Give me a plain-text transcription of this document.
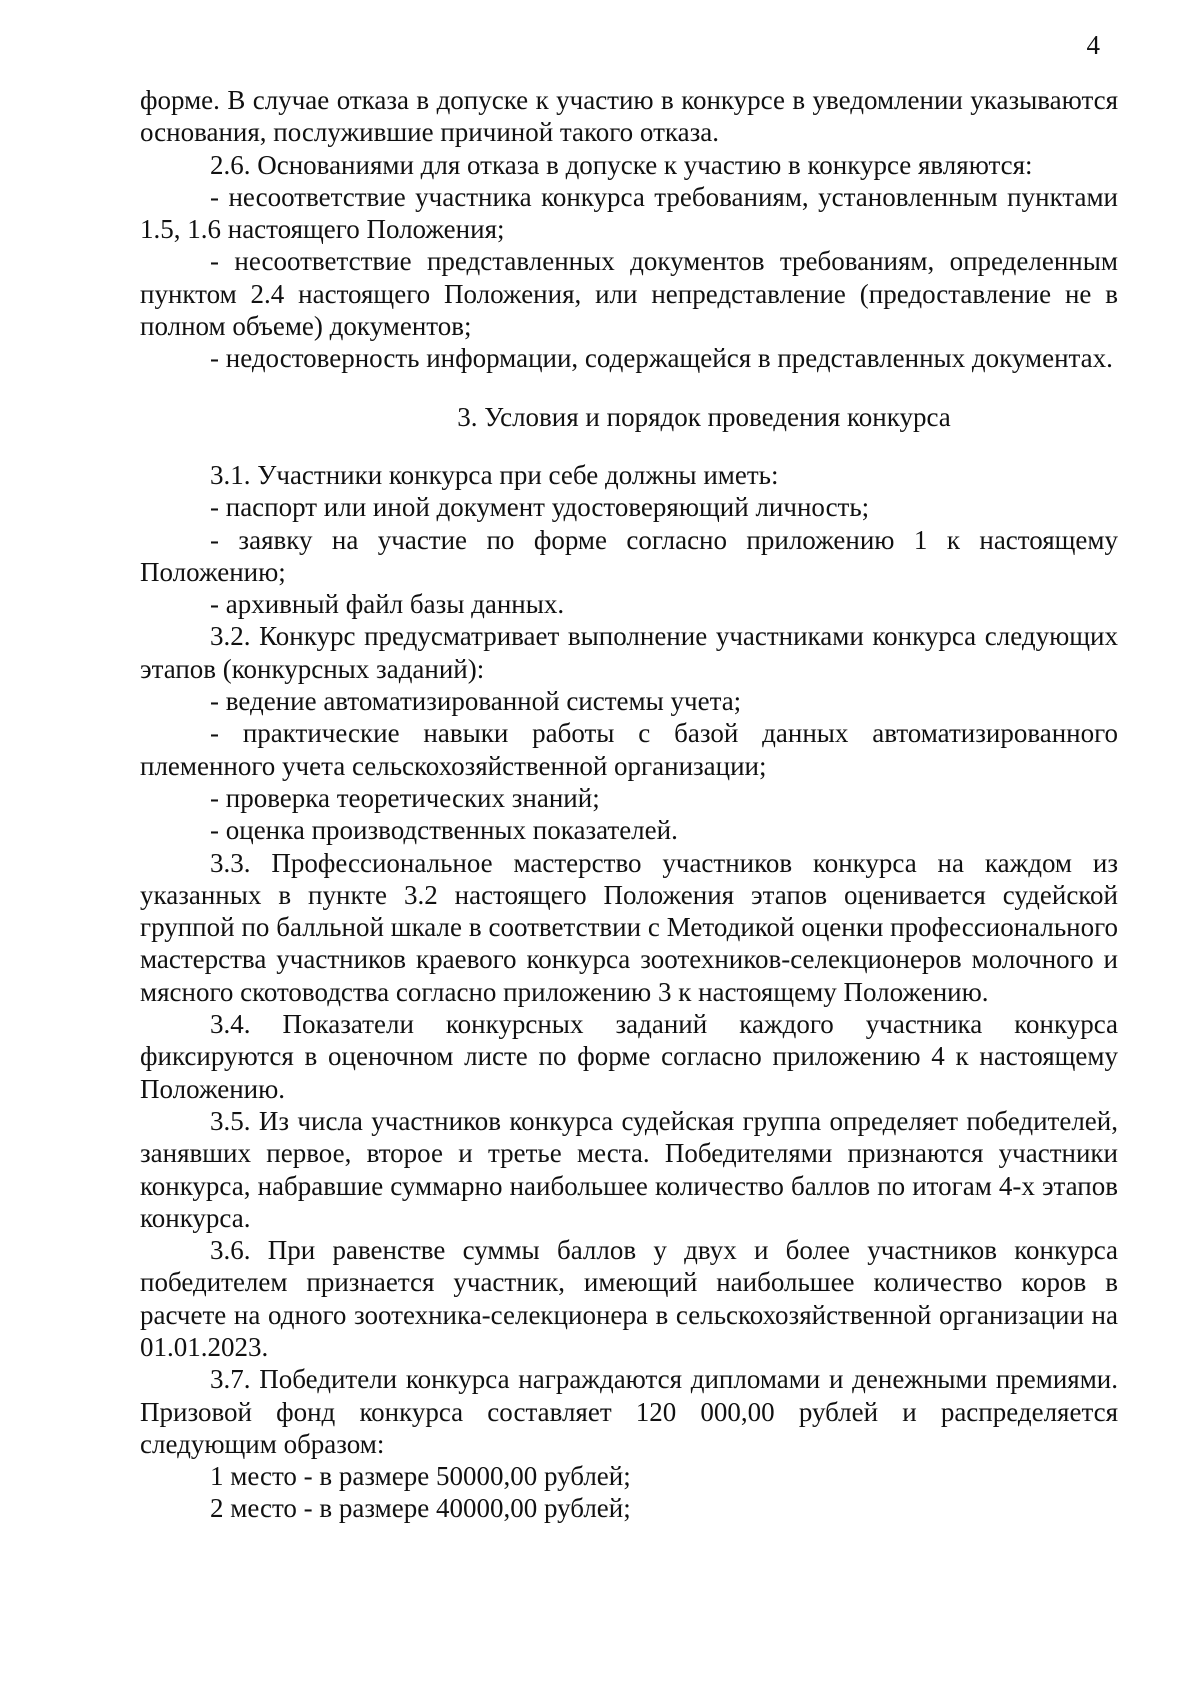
4

форме. В случае отказа в допуске к участию в конкурсе в уведомлении указываются основания, послужившие причиной такого отказа.

2.6. Основаниями для отказа в допуске к участию в конкурсе являются:

- несоответствие участника конкурса требованиям, установленным пунктами 1.5, 1.6 настоящего Положения;

- несоответствие представленных документов требованиям, определенным пунктом 2.4 настоящего Положения, или непредставление (предоставление не в полном объеме) документов;

- недостоверность информации, содержащейся в представленных документах.

3. Условия и порядок проведения конкурса

3.1. Участники конкурса при себе должны иметь:

- паспорт или иной документ удостоверяющий личность;

- заявку на участие по форме согласно приложению 1 к настоящему Положению;

- архивный файл базы данных.

3.2. Конкурс предусматривает выполнение участниками конкурса следующих этапов (конкурсных заданий):

- ведение автоматизированной системы учета;

- практические навыки работы с базой данных автоматизированного племенного учета сельскохозяйственной организации;

- проверка теоретических знаний;

- оценка производственных показателей.

3.3. Профессиональное мастерство участников конкурса на каждом из указанных в пункте 3.2 настоящего Положения этапов оценивается судейской группой по балльной шкале в соответствии с Методикой оценки профессионального мастерства участников краевого конкурса зоотехников-селекционеров молочного и мясного скотоводства согласно приложению 3 к настоящему Положению.

3.4. Показатели конкурсных заданий каждого участника конкурса фиксируются в оценочном листе по форме согласно приложению 4 к настоящему Положению.

3.5. Из числа участников конкурса судейская группа определяет победителей, занявших первое, второе и третье места. Победителями признаются участники конкурса, набравшие суммарно наибольшее количество баллов по итогам 4-х этапов конкурса.

3.6. При равенстве суммы баллов у двух и более участников конкурса победителем признается участник, имеющий наибольшее количество коров в расчете на одного зоотехника-селекционера в сельскохозяйственной организации на 01.01.2023.

3.7. Победители конкурса награждаются дипломами и денежными премиями. Призовой фонд конкурса составляет 120 000,00 рублей и распределяется следующим образом:

1 место - в размере 50000,00 рублей;

2 место - в размере 40000,00 рублей;
